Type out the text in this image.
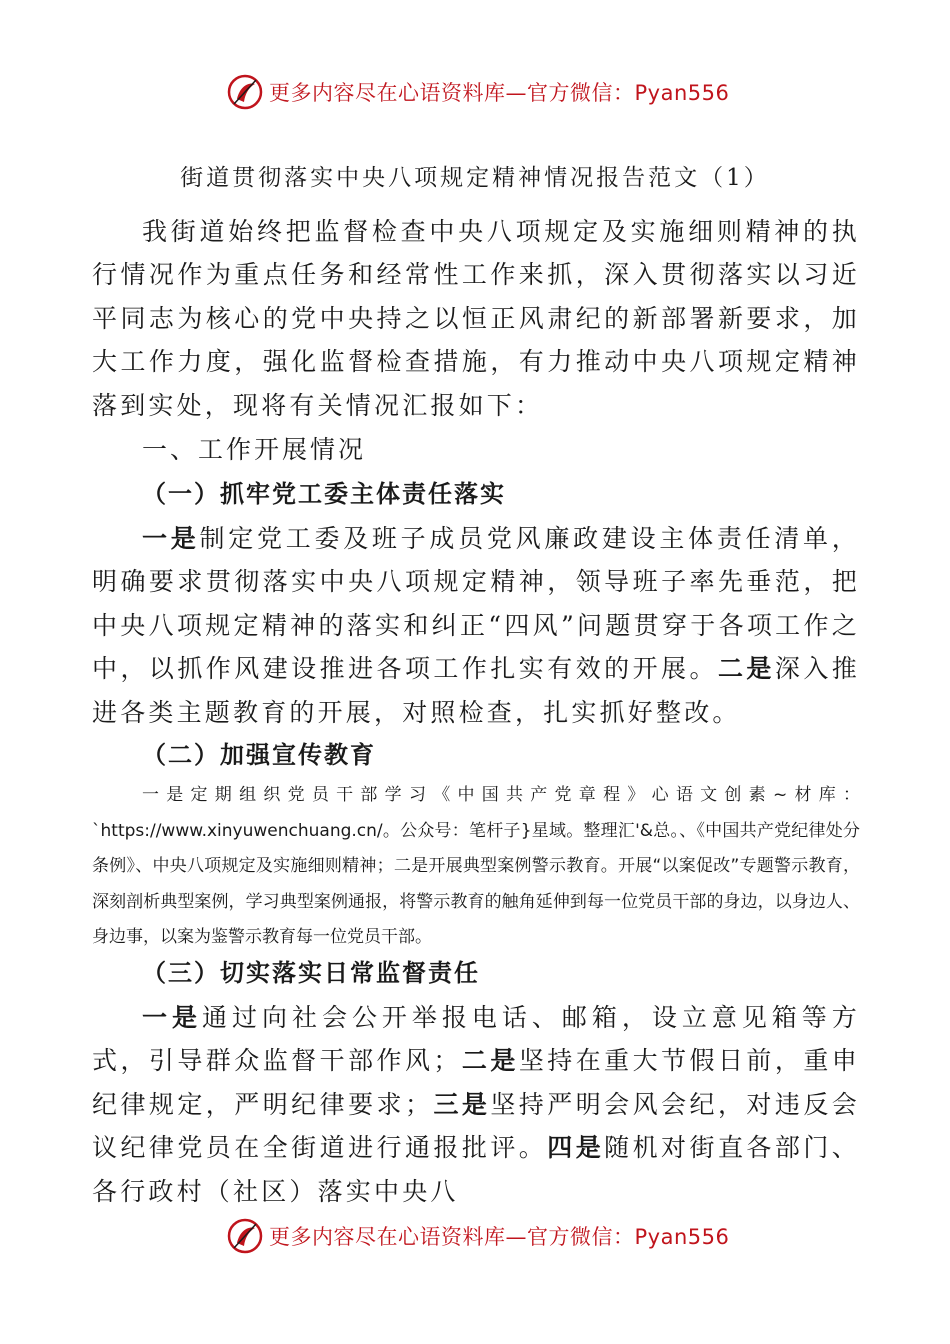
更多内容尽在心语资料库—官方微信：Pyan556
街道贯彻落实中央八项规定精神情况报告范文（1）

我街道始终把监督检查中央八项规定及实施细则精神的执行情况作为重点任务和经常性工作来抓，深入贯彻落实以习近平同志为核心的党中央持之以恒正风肃纪的新部署新要求，加大工作力度，强化监督检查措施，有力推动中央八项规定精神落到实处，现将有关情况汇报如下：

一、工作开展情况
（一）抓牢党工委主体责任落实

一是制定党工委及班子成员党风廉政建设主体责任清单，明确要求贯彻落实中央八项规定精神，领导班子率先垂范，把中央八项规定精神的落实和纠正“四风”问题贯穿于各项工作之中，以抓作风建设推进各项工作扎实有效的开展。二是深入推进各类主题教育的开展，对照检查，扎实抓好整改。

（二）加强宣传教育

一是定期组织党员干部学习《中国共产党章程》心语文创素~材库：`https://www.xinyuwenchuang.cn/。公众号：笔杆子}星域。整理汇'&总。、《中国共产党纪律处分条例》、中央八项规定及实施细则精神；二是开展典型案例警示教育。开展“以案促改”专题警示教育，深刻剖析典型案例，学习典型案例通报，将警示教育的触角延伸到每一位党员干部的身边，以身边人、身边事，以案为鉴警示教育每一位党员干部。

（三）切实落实日常监督责任

一是通过向社会公开举报电话、邮箱，设立意见箱等方式，引导群众监督干部作风；二是坚持在重大节假日前，重申纪律规定，严明纪律要求；三是坚持严明会风会纪，对违反会议纪律党员在全街道进行通报批评。四是随机对街直各部门、各行政村（社区）落实中央八

更多内容尽在心语资料库—官方微信：Pyan556
